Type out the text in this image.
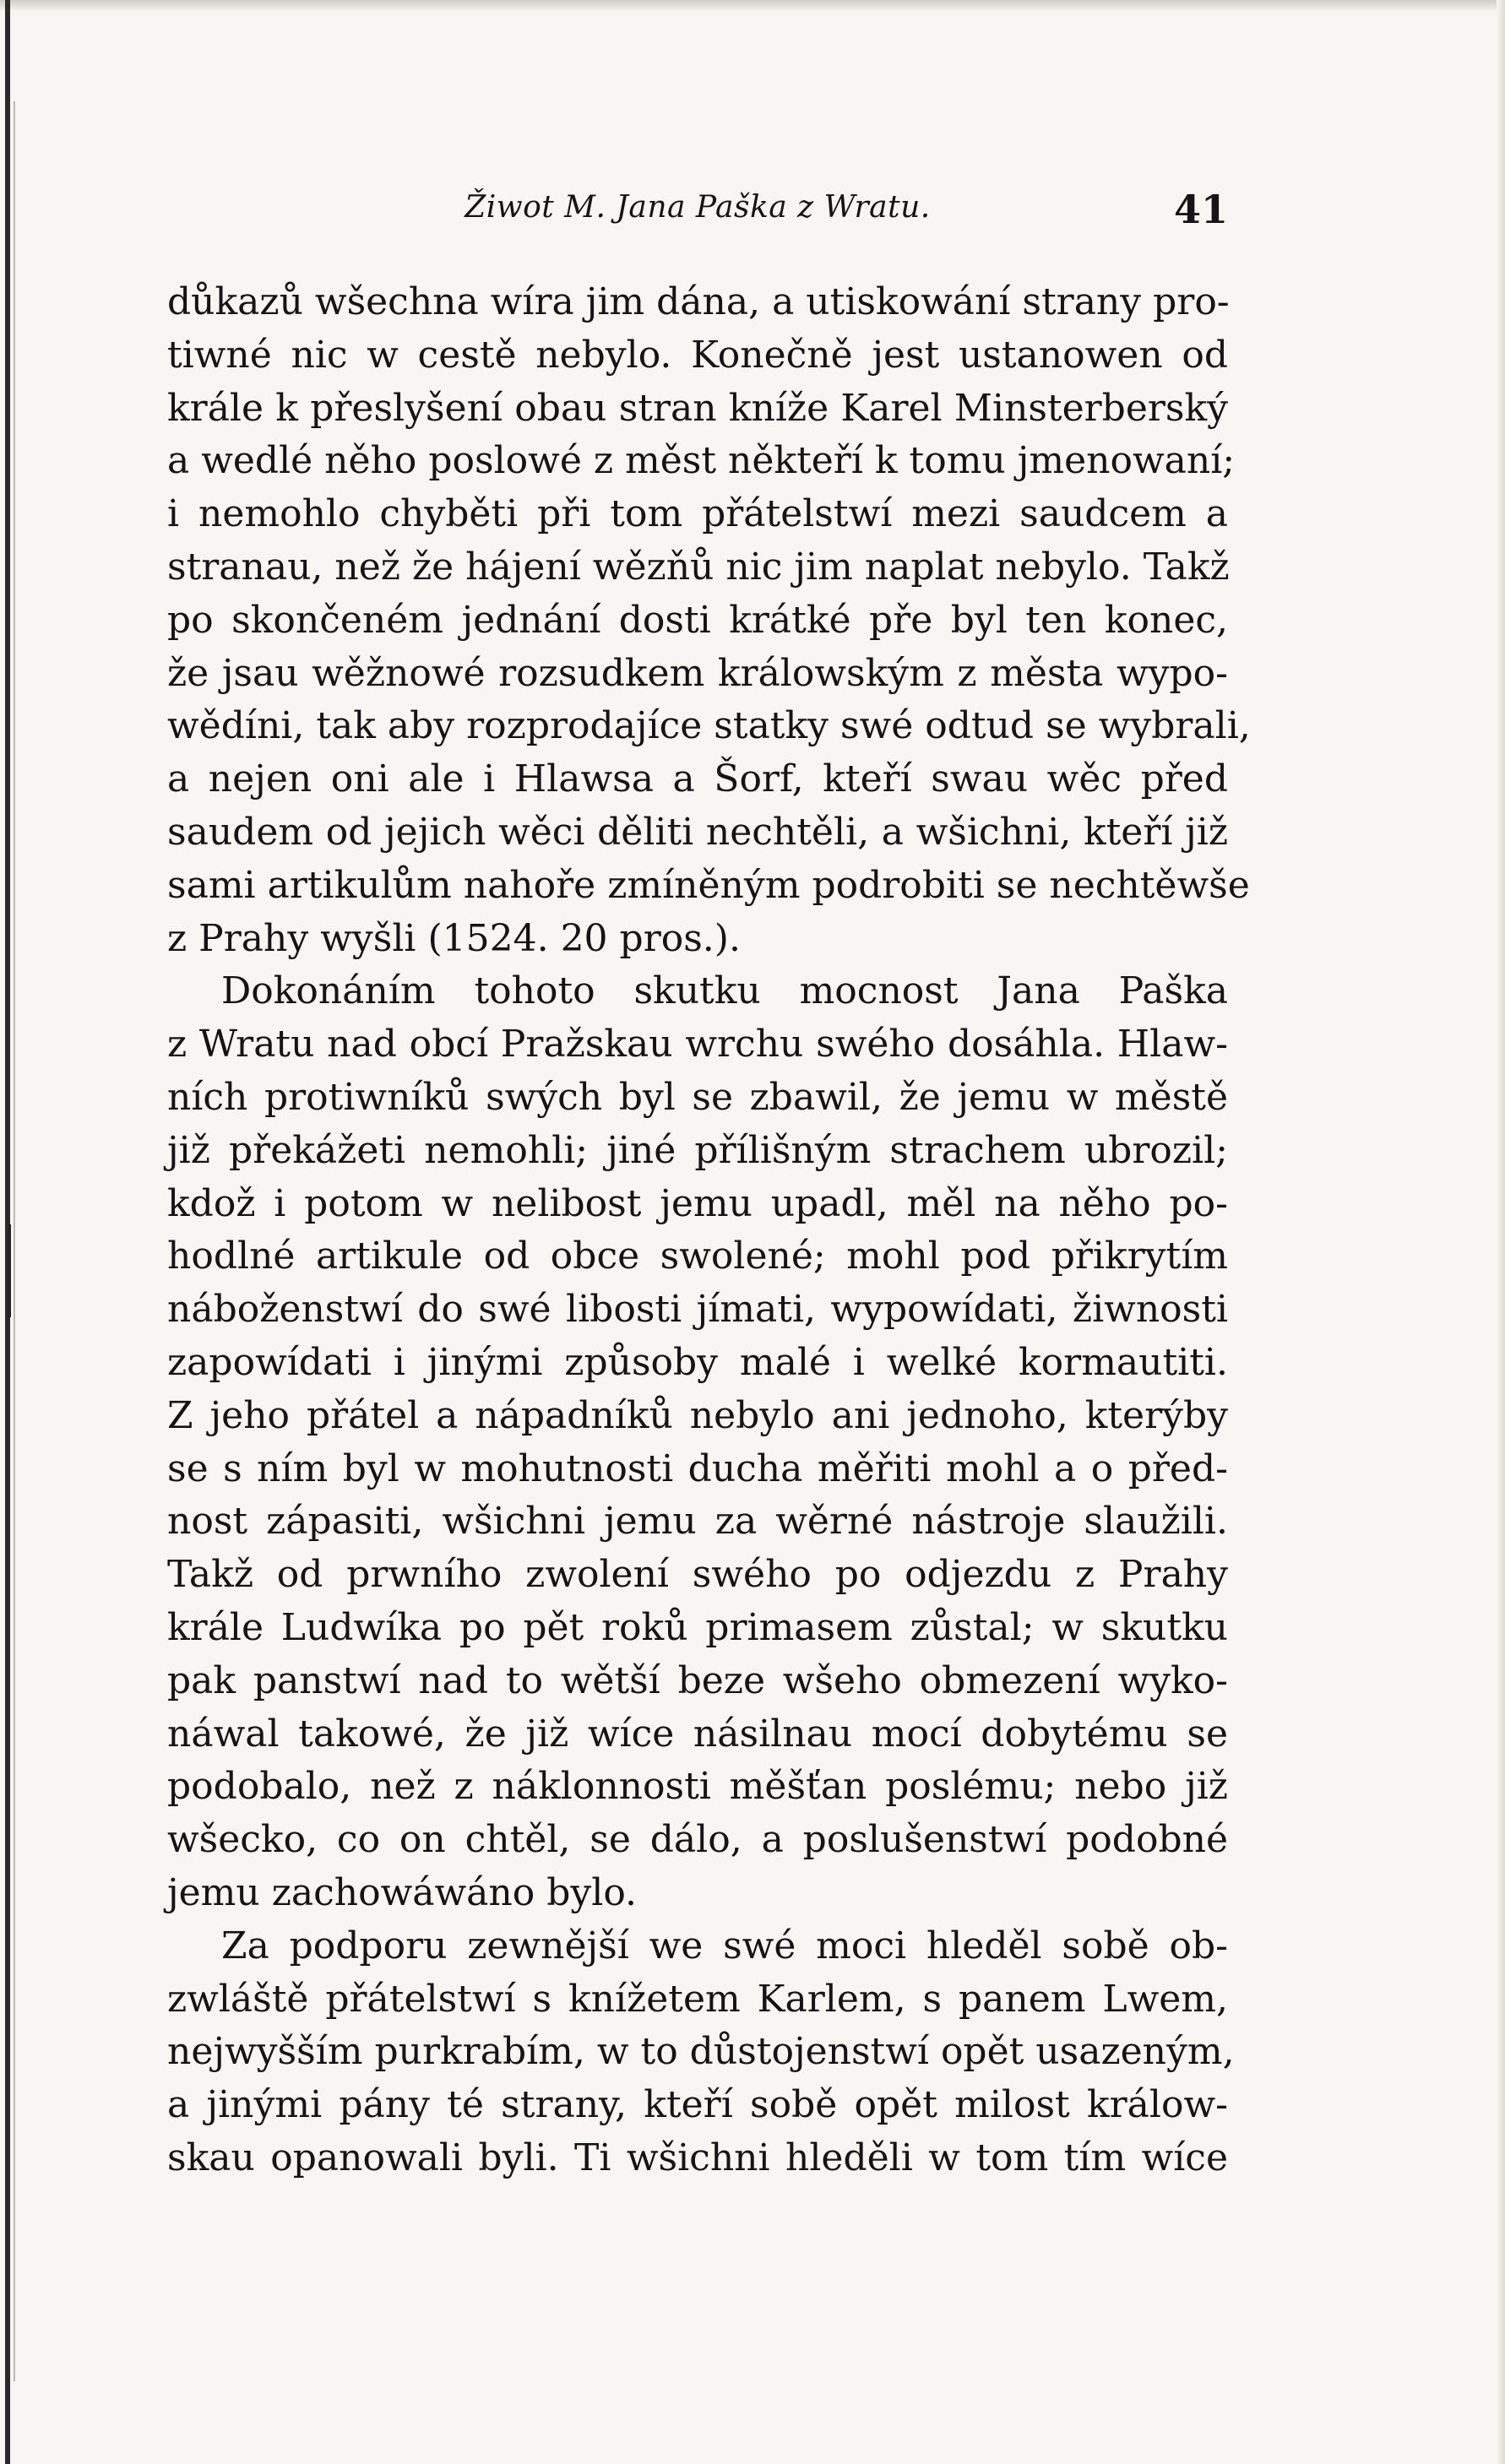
Žiwot M. Jana Paška z Wratu.	41

důkazů wšechna wíra jim dána, a utiskowání strany pro-
tiwné nic w cestě nebylo. Konečně jest ustanowen od
krále k přeslyšení obau stran kníže Karel Minsterberský
a wedlé něho poslowé z měst někteří k tomu jmenowaní;
i nemohlo chyběti při tom přátelstwí mezi saudcem a
stranau, než že hájení wězňů nic jim naplat nebylo. Takž
po skončeném jednání dosti krátké pře byl ten konec,
že jsau wěžnowé rozsudkem králowským z města wypo-
wědíni, tak aby rozprodajíce statky swé odtud se wybrali,
a nejen oni ale i Hlawsa a Šorf, kteří swau wěc před
saudem od jejich wěci děliti nechtěli, a wšichni, kteří již
sami artikulům nahoře zmíněným podrobiti se nechtěwše
z Prahy wyšli (1524. 20 pros.).

Dokonáním tohoto skutku mocnost Jana Paška
z Wratu nad obcí Pražskau wrchu swého dosáhla. Hlaw-
ních protiwníků swých byl se zbawil, že jemu w městě
již překážeti nemohli; jiné přílišným strachem ubrozil;
kdož i potom w nelibost jemu upadl, měl na něho po-
hodlné artikule od obce swolené; mohl pod přikrytím
náboženstwí do swé libosti jímati, wypowídati, žiwnosti
zapowídati i jinými způsoby malé i welké kormautiti.
Z jeho přátel a nápadníků nebylo ani jednoho, kterýby
se s ním byl w mohutnosti ducha měřiti mohl a o před-
nost zápasiti, wšichni jemu za wěrné nástroje slaužili.
Takž od prwního zwolení swého po odjezdu z Prahy
krále Ludwíka po pět roků primasem zůstal; w skutku
pak panstwí nad to wětší beze wšeho obmezení wyko-
náwal takowé, že již wíce násilnau mocí dobytému se
podobalo, než z náklonnosti měšťan poslému; nebo již
wšecko, co on chtěl, se dálo, a poslušenstwí podobné
jemu zachowáwáno bylo.

Za podporu zewnější we swé moci hleděl sobě ob-
zwláště přátelstwí s knížetem Karlem, s panem Lwem,
nejwyšším purkrabím, w to důstojenstwí opět usazeným,
a jinými pány té strany, kteří sobě opět milost králow-
skau opanowali byli. Ti wšichni hleděli w tom tím wíce
